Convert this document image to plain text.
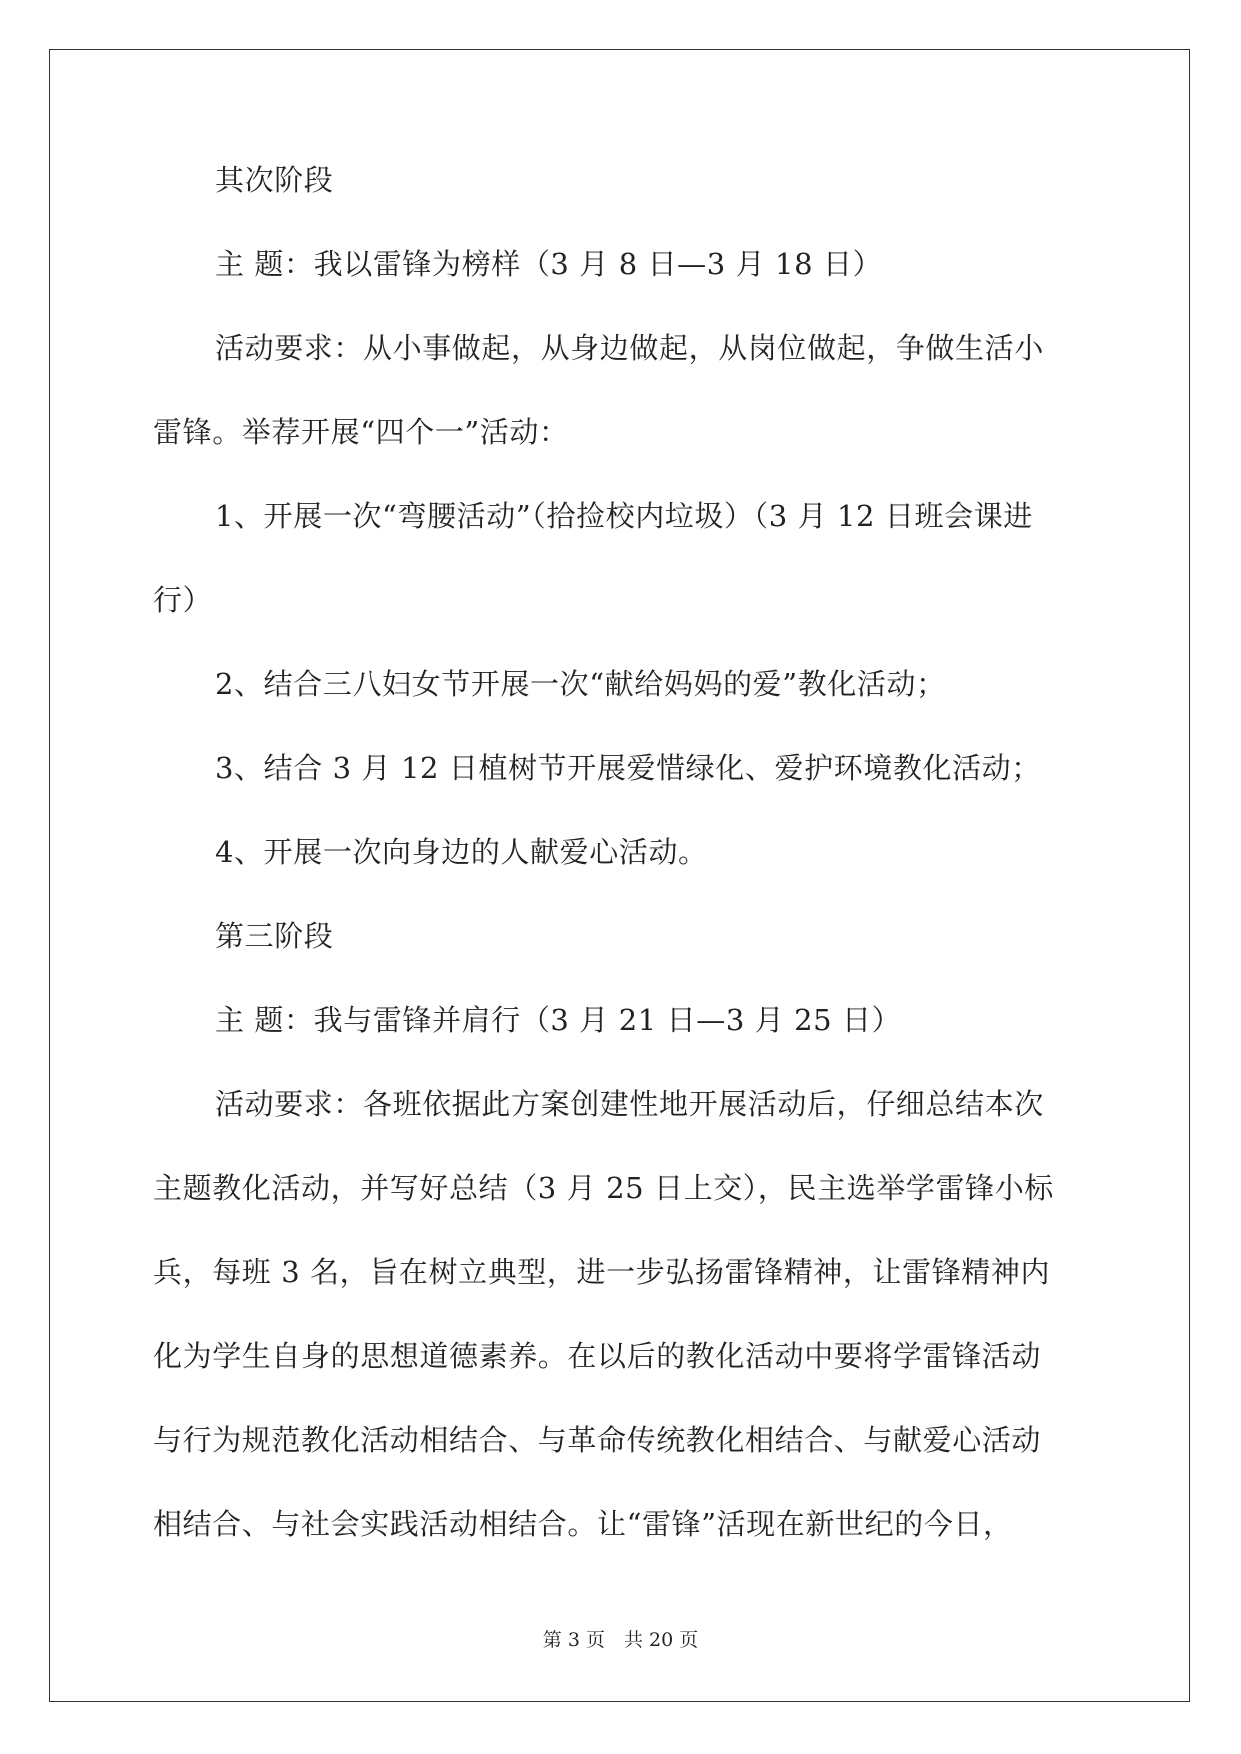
其次阶段
主 题：我以雷锋为榜样（3 月 8 日—3 月 18 日）
活动要求：从小事做起，从身边做起，从岗位做起，争做生活小
雷锋。举荐开展“四个一”活动：
1、开展一次“弯腰活动”（拾捡校内垃圾）（3 月 12 日班会课进
行）
2、结合三八妇女节开展一次“献给妈妈的爱”教化活动；
3、结合 3 月 12 日植树节开展爱惜绿化、爱护环境教化活动；
4、开展一次向身边的人献爱心活动。
第三阶段
主 题：我与雷锋并肩行（3 月 21 日—3 月 25 日）
活动要求：各班依据此方案创建性地开展活动后，仔细总结本次
主题教化活动，并写好总结（3 月 25 日上交），民主选举学雷锋小标
兵，每班 3 名，旨在树立典型，进一步弘扬雷锋精神，让雷锋精神内
化为学生自身的思想道德素养。在以后的教化活动中要将学雷锋活动
与行为规范教化活动相结合、与革命传统教化相结合、与献爱心活动
相结合、与社会实践活动相结合。让“雷锋”活现在新世纪的今日，
第 3 页　共 20 页
